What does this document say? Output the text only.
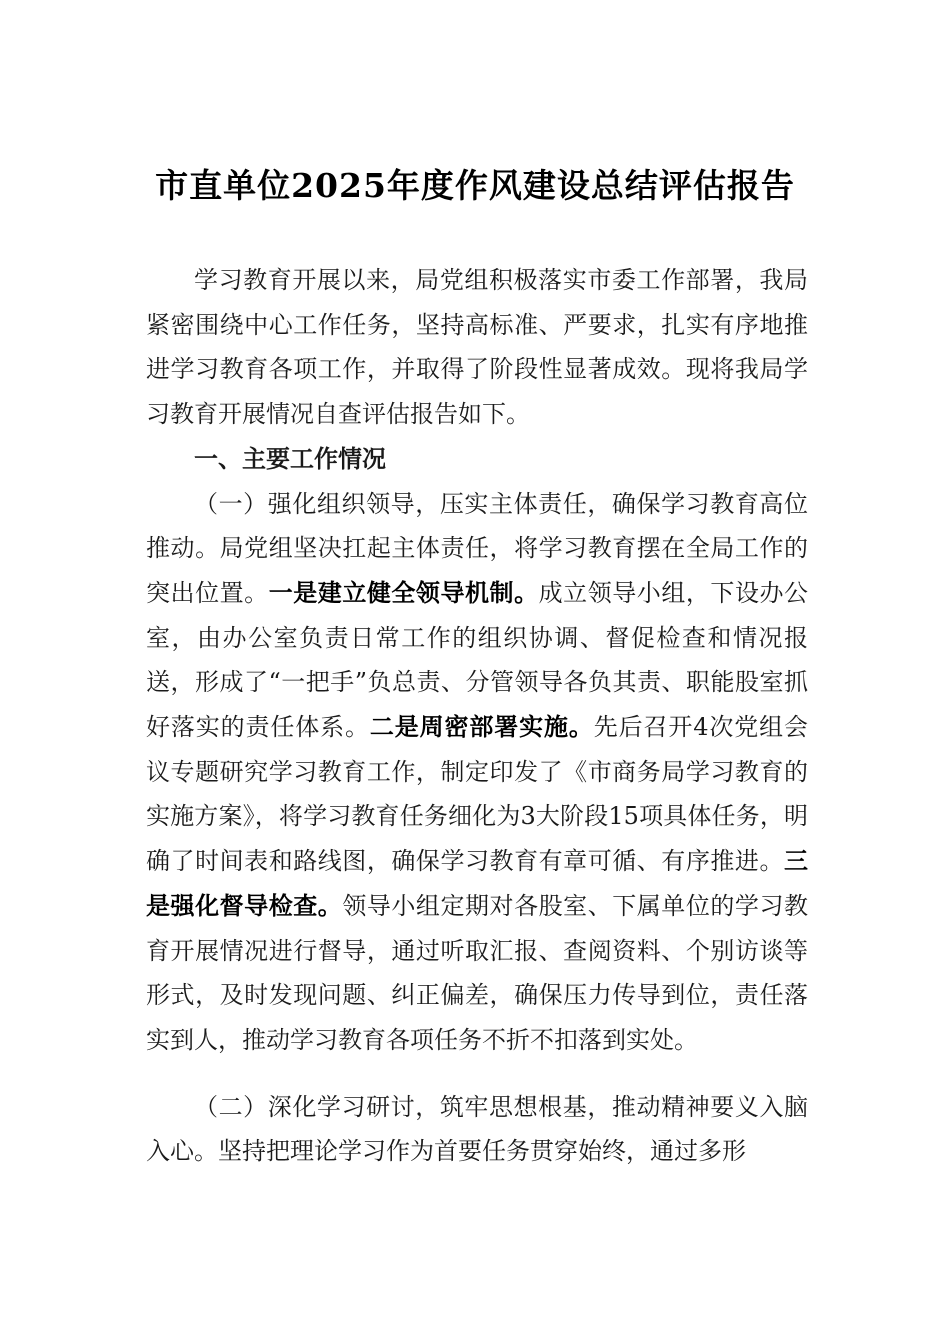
市直单位2025年度作风建设总结评估报告

学习教育开展以来，局党组积极落实市委工作部署，我局紧密围绕中心工作任务，坚持高标准、严要求，扎实有序地推进学习教育各项工作，并取得了阶段性显著成效。现将我局学习教育开展情况自查评估报告如下。

一、主要工作情况

（一）强化组织领导，压实主体责任，确保学习教育高位推动。局党组坚决扛起主体责任，将学习教育摆在全局工作的突出位置。一是建立健全领导机制。成立领导小组，下设办公室，由办公室负责日常工作的组织协调、督促检查和情况报送，形成了“一把手”负总责、分管领导各负其责、职能股室抓好落实的责任体系。二是周密部署实施。先后召开4次党组会议专题研究学习教育工作，制定印发了《市商务局学习教育的实施方案》，将学习教育任务细化为3大阶段15项具体任务，明确了时间表和路线图，确保学习教育有章可循、有序推进。三是强化督导检查。领导小组定期对各股室、下属单位的学习教育开展情况进行督导，通过听取汇报、查阅资料、个别访谈等形式，及时发现问题、纠正偏差，确保压力传导到位，责任落实到人，推动学习教育各项任务不折不扣落到实处。

（二）深化学习研讨，筑牢思想根基，推动精神要义入脑入心。坚持把理论学习作为首要任务贯穿始终，通过多形
